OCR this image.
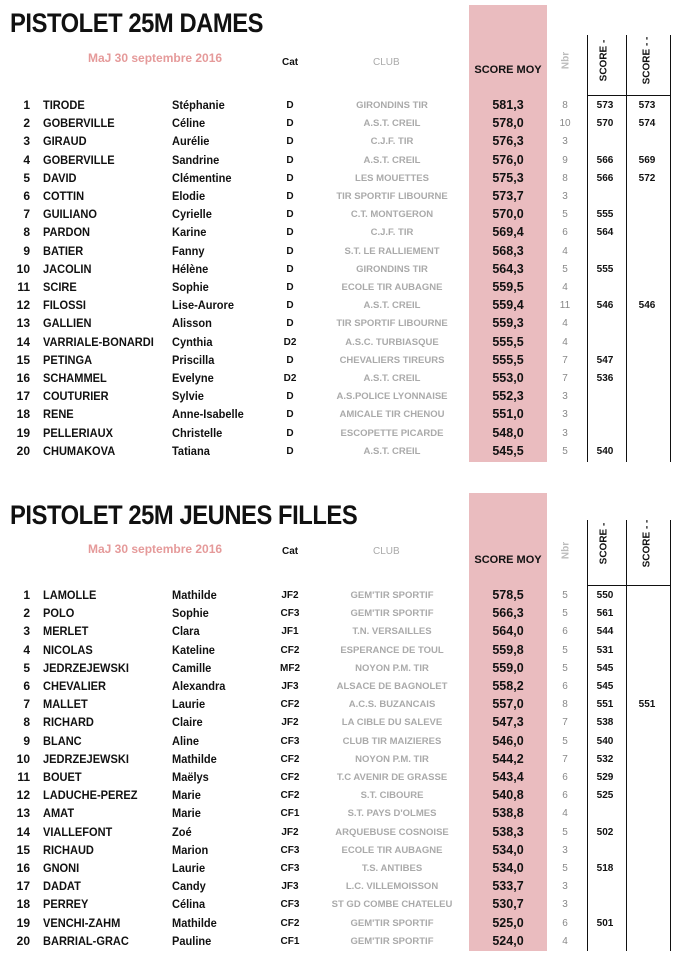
PISTOLET 25M DAMES
MaJ 30 septembre 2016	Cat	CLUB
SCORE MOY
Nbr	SCORE -	SCORE - -
1 TIRODE	Stéphanie	D	GIRONDINS TIR	581,3	8	573	573
2 GOBERVILLE	Céline	D	A.S.T. CREIL	578,0	10	570	574
3 GIRAUD	Aurélie	D	C.J.F. TIR	576,3	3
4 GOBERVILLE	Sandrine	D	A.S.T. CREIL	576,0	9	566	569
5 DAVID	Clémentine	D	LES MOUETTES	575,3	8	566	572
6 COTTIN	Elodie	D	TIR SPORTIF LIBOURNE	573,7	3
7 GUILIANO	Cyrielle	D	C.T. MONTGERON	570,0	5	555
8 PARDON	Karine	D	C.J.F. TIR	569,4	6	564
9 BATIER	Fanny	D	S.T. LE RALLIEMENT	568,3	4
10 JACOLIN	Hélène	D	GIRONDINS TIR	564,3	5	555
11 SCIRE	Sophie	D	ECOLE TIR AUBAGNE	559,5	4
12 FILOSSI	Lise-Aurore	D	A.S.T. CREIL	559,4	11	546	546
13 GALLIEN	Alisson	D	TIR SPORTIF LIBOURNE	559,3	4
14 VARRIALE-BONARDI Cynthia	D2	A.S.C. TURBIASQUE	555,5	4
15 PETINGA	Priscilla	D	CHEVALIERS TIREURS	555,5	7	547
16 SCHAMMEL	Evelyne	D2	A.S.T. CREIL	553,0	7	536
17 COUTURIER	Sylvie	D	A.S.POLICE LYONNAISE	552,3	3
18 RENE	Anne-Isabelle	D	AMICALE TIR CHENOU	551,0	3
19 PELLERIAUX	Christelle	D	ESCOPETTE PICARDE	548,0	3
20 CHUMAKOVA	Tatiana	D	A.S.T. CREIL	545,5	5	540
PISTOLET 25M JEUNES FILLES
MaJ 30 septembre 2016	Cat	CLUB
SCORE MOY
Nbr	SCORE -	SCORE - -
1 LAMOLLE	Mathilde	JF2	GEM'TIR SPORTIF	578,5	5	550
2 POLO	Sophie	CF3	GEM'TIR SPORTIF	566,3	5	561
3 MERLET	Clara	JF1	T.N. VERSAILLES	564,0	6	544
4 NICOLAS	Kateline	CF2	ESPERANCE DE TOUL	559,8	5	531
5 JEDRZEJEWSKI	Camille	MF2	NOYON P.M. TIR	559,0	5	545
6 CHEVALIER	Alexandra	JF3	ALSACE DE BAGNOLET	558,2	6	545
7 MALLET	Laurie	CF2	A.C.S. BUZANCAIS	557,0	8	551	551
8 RICHARD	Claire	JF2	LA CIBLE DU SALEVE	547,3	7	538
9 BLANC	Aline	CF3	CLUB TIR MAIZIERES	546,0	5	540
10 JEDRZEJEWSKI	Mathilde	CF2	NOYON P.M. TIR	544,2	7	532
11 BOUET	Maëlys	CF2	T.C AVENIR DE GRASSE	543,4	6	529
12 LADUCHE-PEREZ	Marie	CF2	S.T. CIBOURE	540,8	6	525
13 AMAT	Marie	CF1	S.T. PAYS D'OLMES	538,8	4
14 VIALLEFONT	Zoé	JF2	ARQUEBUSE COSNOISE	538,3	5	502
15 RICHAUD	Marion	CF3	ECOLE TIR AUBAGNE	534,0	3
16 GNONI	Laurie	CF3	T.S. ANTIBES	534,0	5	518
17 DADAT	Candy	JF3	L.C. VILLEMOISSON	533,7	3
18 PERREY	Célina	CF3	ST GD COMBE CHATELEU	530,7	3
19 VENCHI-ZAHM	Mathilde	CF2	GEM'TIR SPORTIF	525,0	6	501
20 BARRIAL-GRAC	Pauline	CF1	GEM'TIR SPORTIF	524,0	4
